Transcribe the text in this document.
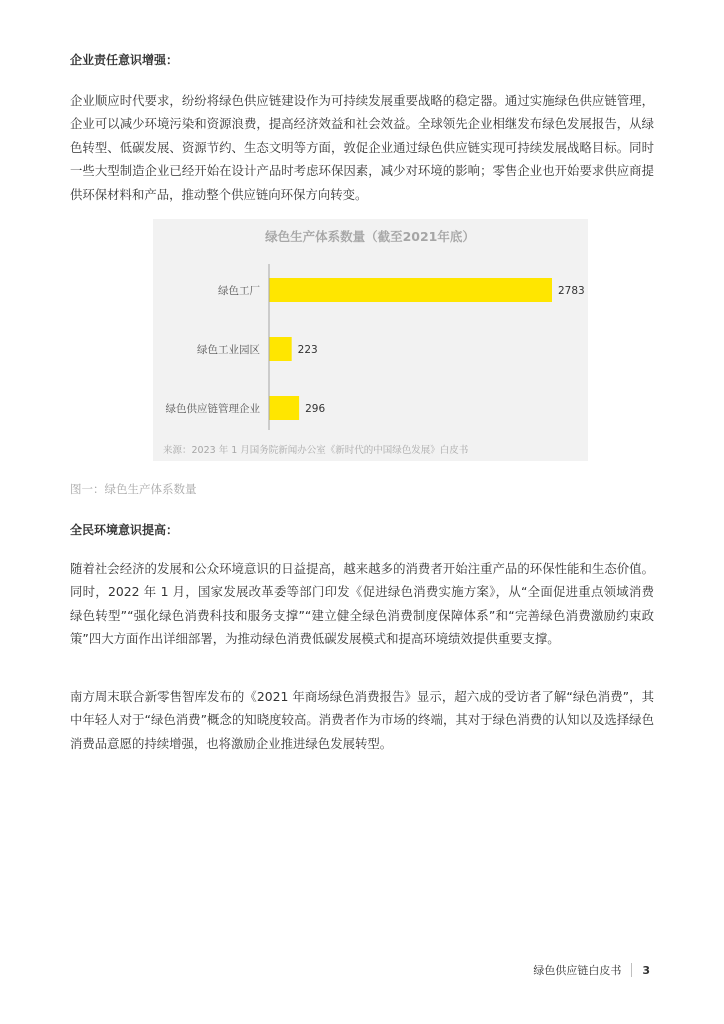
企业责任意识增强：

企业顺应时代要求，纷纷将绿色供应链建设作为可持续发展重要战略的稳定器。通过实施绿色供应链管理，企业可以减少环境污染和资源浪费，提高经济效益和社会效益。全球领先企业相继发布绿色发展报告，从绿色转型、低碳发展、资源节约、生态文明等方面，敦促企业通过绿色供应链实现可持续发展战略目标。同时一些大型制造企业已经开始在设计产品时考虑环保因素，减少对环境的影响；零售企业也开始要求供应商提供环保材料和产品，推动整个供应链向环保方向转变。

绿色生产体系数量（截至2021年底）
绿色工厂	2783
绿色工业园区	223
绿色供应链管理企业	296
来源：2023 年 1 月国务院新闻办公室《新时代的中国绿色发展》白皮书
图一：绿色生产体系数量
全民环境意识提高：

随着社会经济的发展和公众环境意识的日益提高，越来越多的消费者开始注重产品的环保性能和生态价值。同时，2022 年 1 月，国家发展改革委等部门印发《促进绿色消费实施方案》，从“全面促进重点领域消费绿色转型”“强化绿色消费科技和服务支撑”“建立健全绿色消费制度保障体系”和“完善绿色消费激励约束政策”四大方面作出详细部署，为推动绿色消费低碳发展模式和提高环境绩效提供重要支撑。

南方周末联合新零售智库发布的《2021 年商场绿色消费报告》显示，超六成的受访者了解“绿色消费”，其中年轻人对于“绿色消费”概念的知晓度较高。消费者作为市场的终端，其对于绿色消费的认知以及选择绿色消费品意愿的持续增强，也将激励企业推进绿色发展转型。

绿色供应链白皮书 3
